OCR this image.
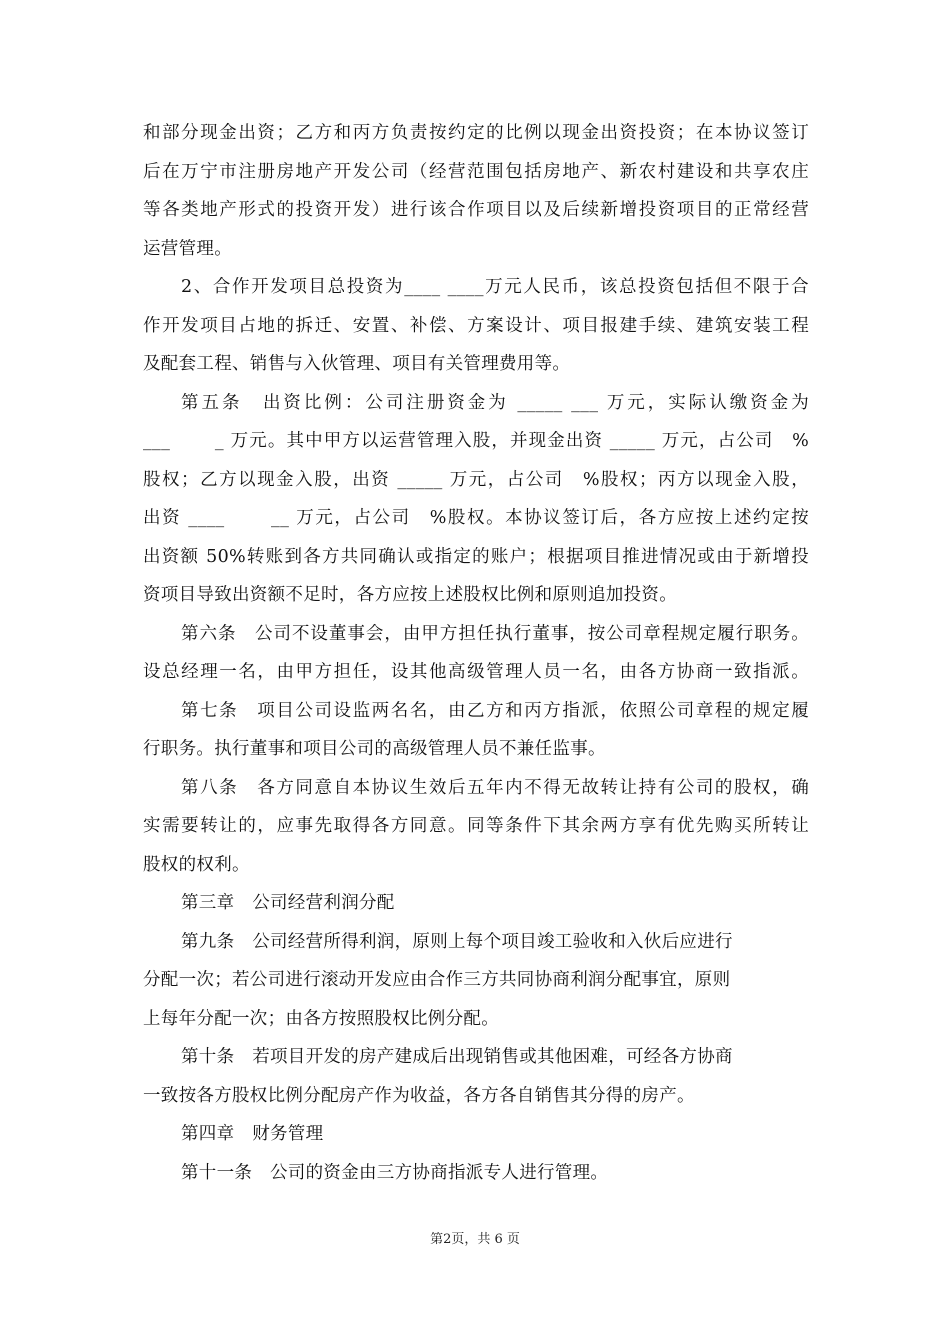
和部分现金出资；乙方和丙方负责按约定的比例以现金出资投资；在本协议签订
后在万宁市注册房地产开发公司（经营范围包括房地产、新农村建设和共享农庄
等各类地产形式的投资开发）进行该合作项目以及后续新增投资项目的正常经营
运营管理。
2、合作开发项目总投资为____ ____万元人民币，该总投资包括但不限于合
作开发项目占地的拆迁、安置、补偿、方案设计、项目报建手续、建筑安装工程
及配套工程、销售与入伙管理、项目有关管理费用等。
第五条　出资比例：公司注册资金为 _____ ___ 万元，实际认缴资金为
___　　 _ 万元。其中甲方以运营管理入股，并现金出资 _____ 万元，占公司　%
股权；乙方以现金入股，出资 _____ 万元，占公司　%股权；丙方以现金入股，
出资 ____　　 __ 万元，占公司　%股权。本协议签订后，各方应按上述约定按
出资额 50%转账到各方共同确认或指定的账户；根据项目推进情况或由于新增投
资项目导致出资额不足时，各方应按上述股权比例和原则追加投资。
第六条　公司不设董事会，由甲方担任执行董事，按公司章程规定履行职务。
设总经理一名，由甲方担任，设其他高级管理人员一名，由各方协商一致指派。
第七条　项目公司设监两名名，由乙方和丙方指派，依照公司章程的规定履
行职务。执行董事和项目公司的高级管理人员不兼任监事。
第八条　各方同意自本协议生效后五年内不得无故转让持有公司的股权，确
实需要转让的，应事先取得各方同意。同等条件下其余两方享有优先购买所转让
股权的权利。
第三章　公司经营利润分配
第九条　公司经营所得利润，原则上每个项目竣工验收和入伙后应进行
分配一次；若公司进行滚动开发应由合作三方共同协商利润分配事宜，原则
上每年分配一次；由各方按照股权比例分配。
第十条　若项目开发的房产建成后出现销售或其他困难，可经各方协商
一致按各方股权比例分配房产作为收益，各方各自销售其分得的房产。
第四章　财务管理
第十一条　公司的资金由三方协商指派专人进行管理。
第2页，共 6 页
